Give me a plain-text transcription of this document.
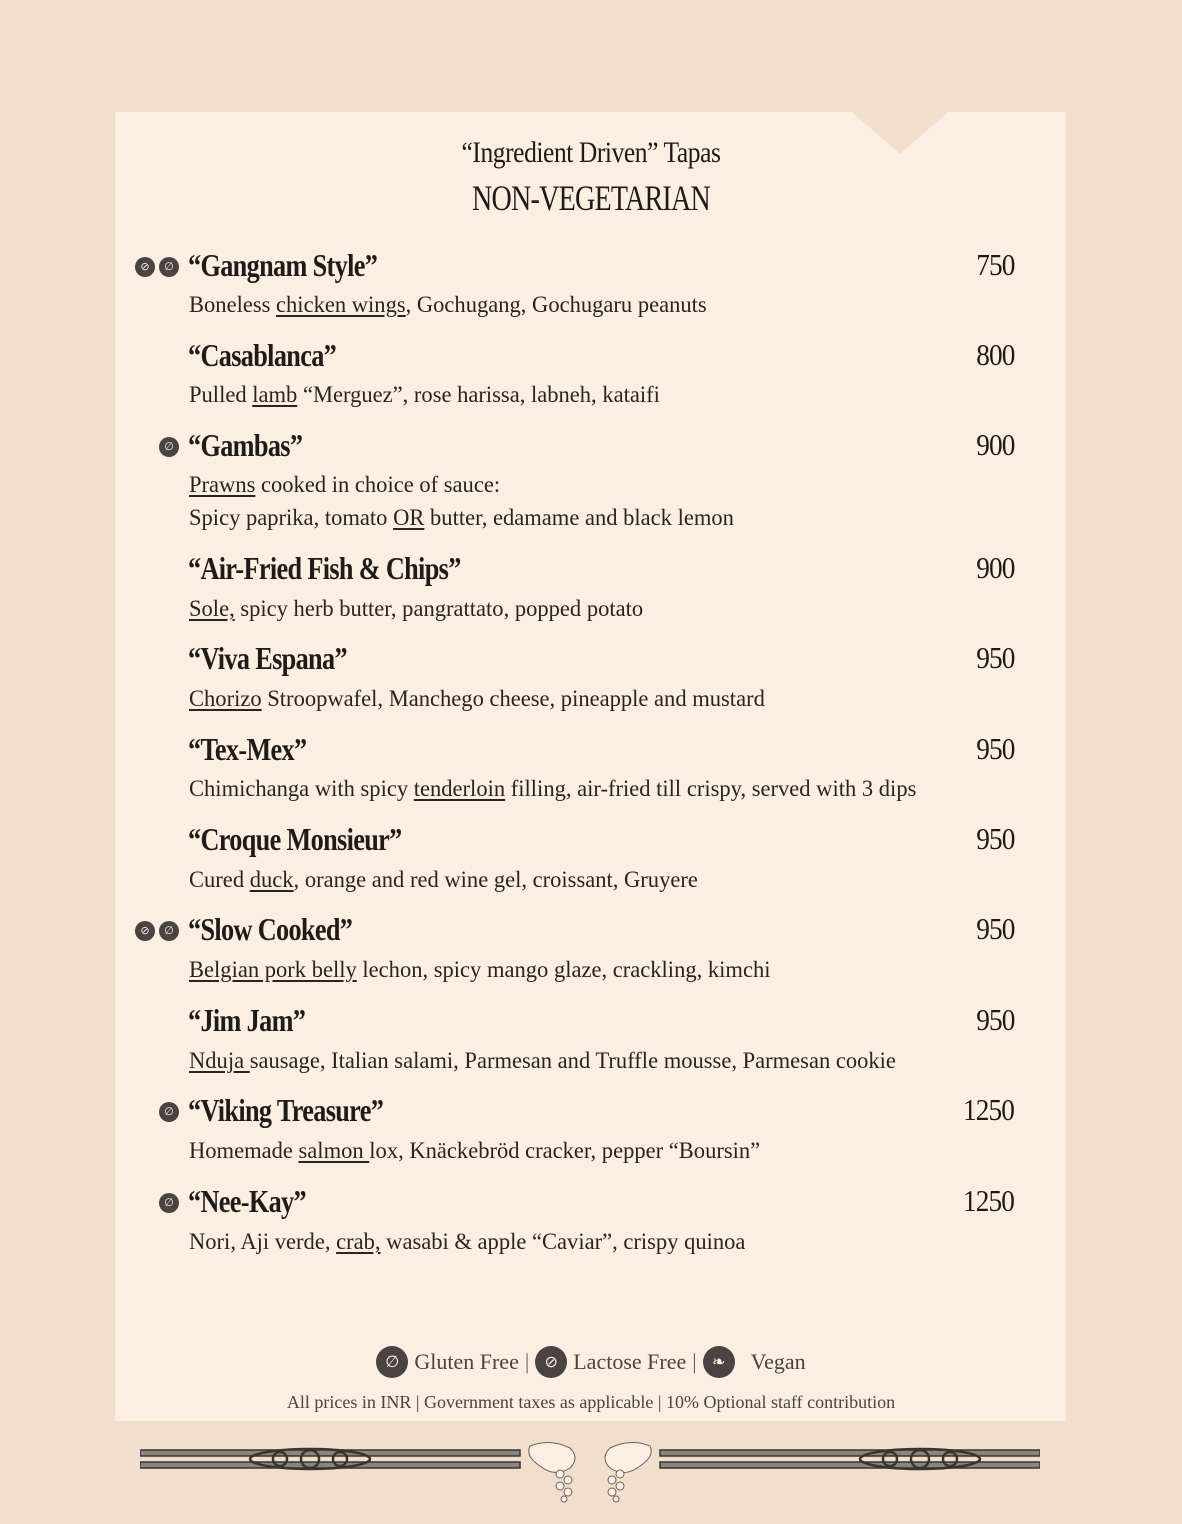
“Ingredient Driven” Tapas
NON-VEGETARIAN
“Gangnam Style”	750
⊘	∅
Boneless chicken wings, Gochugang, Gochugaru peanuts
“Casablanca”	800
Pulled lamb “Merguez”, rose harissa, labneh, kataifi
“Gambas”	900
∅
Prawns cooked in choice of sauce:
Spicy paprika, tomato OR butter, edamame and black lemon
“Air-Fried Fish & Chips”	900
Sole, spicy herb butter, pangrattato, popped potato
“Viva Espana”	950
Chorizo Stroopwafel, Manchego cheese, pineapple and mustard
“Tex-Mex”	950
Chimichanga with spicy tenderloin filling, air-fried till crispy, served with 3 dips
“Croque Monsieur”	950
Cured duck, orange and red wine gel, croissant, Gruyere
“Slow Cooked”	950
⊘	∅
Belgian pork belly lechon, spicy mango glaze, crackling, kimchi
“Jim Jam”	950
Nduja sausage, Italian salami, Parmesan and Truffle mousse, Parmesan cookie
“Viking Treasure”	1250
∅
Homemade salmon lox, Knäckebröd cracker, pepper “Boursin”
“Nee-Kay”	1250
∅
Nori, Aji verde, crab, wasabi & apple “Caviar”, crispy quinoa
∅ Gluten Free | ⊘ Lactose Free | ❧	Vegan
All prices in INR | Government taxes as applicable | 10% Optional staff contribution
